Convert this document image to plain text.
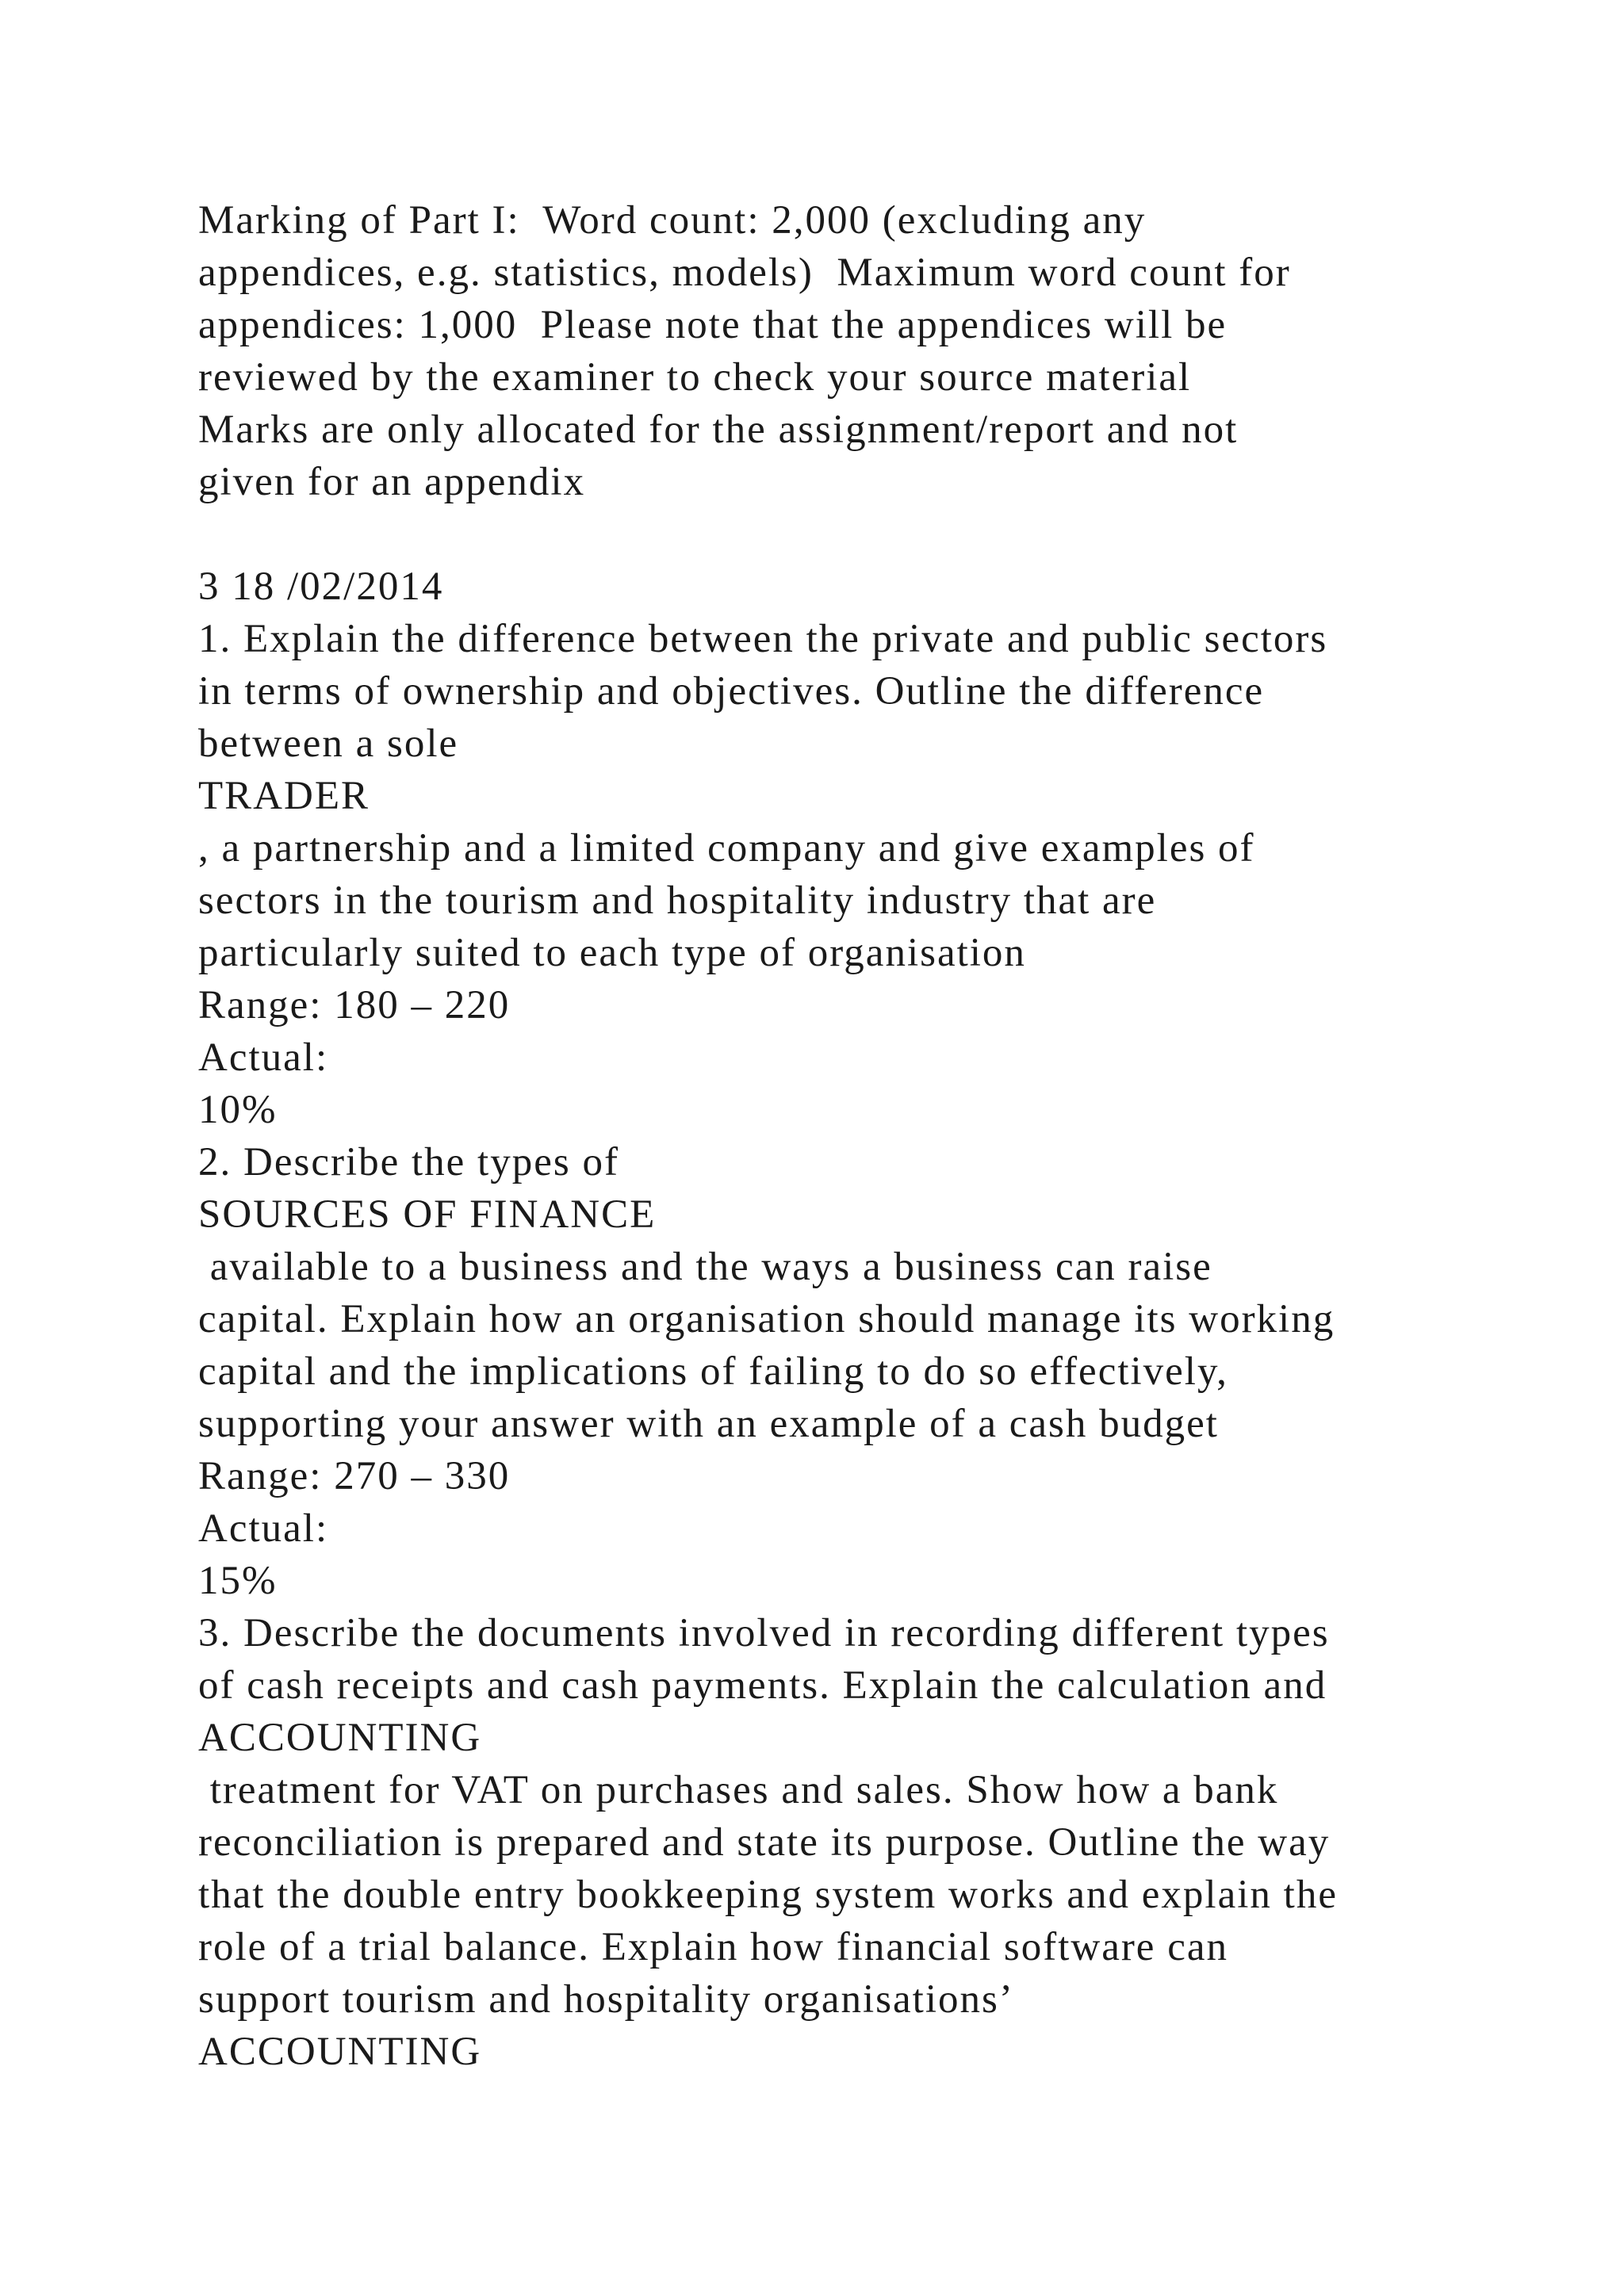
Marking of Part I:  Word count: 2,000 (excluding any
appendices, e.g. statistics, models)  Maximum word count for
appendices: 1,000  Please note that the appendices will be
reviewed by the examiner to check your source material
Marks are only allocated for the assignment/report and not
given for an appendix
3 18 /02/2014
1. Explain the difference between the private and public sectors
in terms of ownership and objectives. Outline the difference
between a sole
TRADER
, a partnership and a limited company and give examples of
sectors in the tourism and hospitality industry that are
particularly suited to each type of organisation
Range: 180 – 220
Actual:
10%
2. Describe the types of
SOURCES OF FINANCE
available to a business and the ways a business can raise
capital. Explain how an organisation should manage its working
capital and the implications of failing to do so effectively,
supporting your answer with an example of a cash budget
Range: 270 – 330
Actual:
15%
3. Describe the documents involved in recording different types
of cash receipts and cash payments. Explain the calculation and
ACCOUNTING
treatment for VAT on purchases and sales. Show how a bank
reconciliation is prepared and state its purpose. Outline the way
that the double entry bookkeeping system works and explain the
role of a trial balance. Explain how financial software can
support tourism and hospitality organisations’
ACCOUNTING
